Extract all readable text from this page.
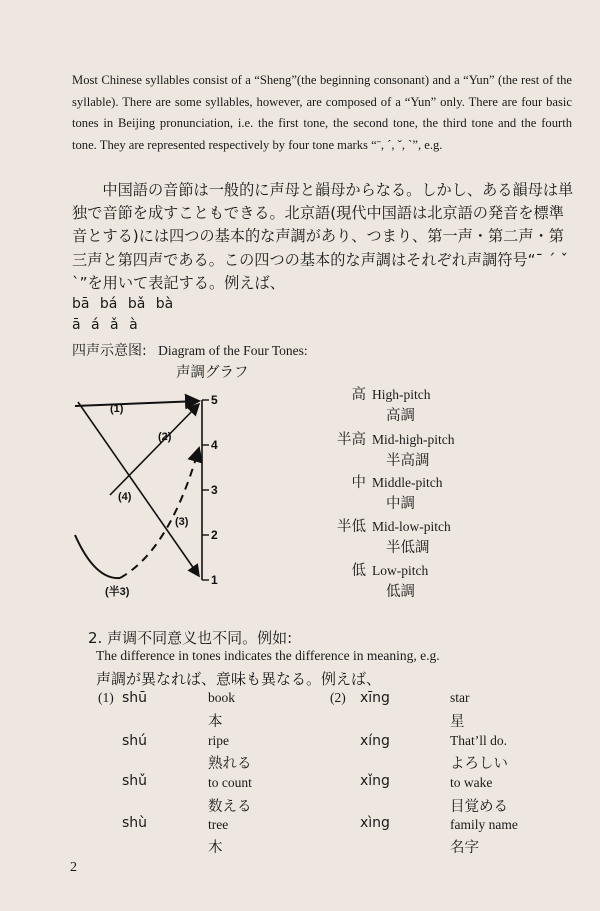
Most Chinese syllables consist of a “Sheng”(the beginning consonant) and a “Yun” (the rest of the syllable). There are some syllables, however, are composed of a “Yun” only. There are four basic tones in Beijing pronunciation, i.e. the first tone, the second tone, the third tone and the fourth tone. They are represented respectively by four tone marks “ˉ, ˊ, ˇ, ˋ”, e.g.
中国語の音節は一般的に声母と韻母からなる。しかし、ある韻母は単独で音節を成すこともできる。北京語(現代中国語は北京語の発音を標準音とする)には四つの基本的な声調があり、つまり、第一声・第二声・第三声と第四声である。この四つの基本的な声調はそれぞれ声調符号“ˉ ˊ ˇ ˋ”を用いて表記する。例えば、
bā bá bǎ bà
ā á ǎ à
四声示意图: Diagram of the Four Tones:
声調グラフ
5
4
3
2
1
(1)
(2)
(3)
(4)
(半3)
高 High-pitch
高調
半高 Mid-high-pitch
半高調
中 Middle-pitch
中調
半低 Mid-low-pitch
半低調
低 Low-pitch
低調
2. 声调不同意义也不同。例如:
The difference in tones indicates the difference in meaning, e.g.
声調が異なれば、意味も異なる。例えば、
(1) shū	book
本
shú	ripe
熟れる
shǔ	to count
数える
shù	tree
木
(2) xīng	star
星
xíng	That’ll do.
よろしい
xǐng	to wake
目覚める
xìng	family name
名字
2
